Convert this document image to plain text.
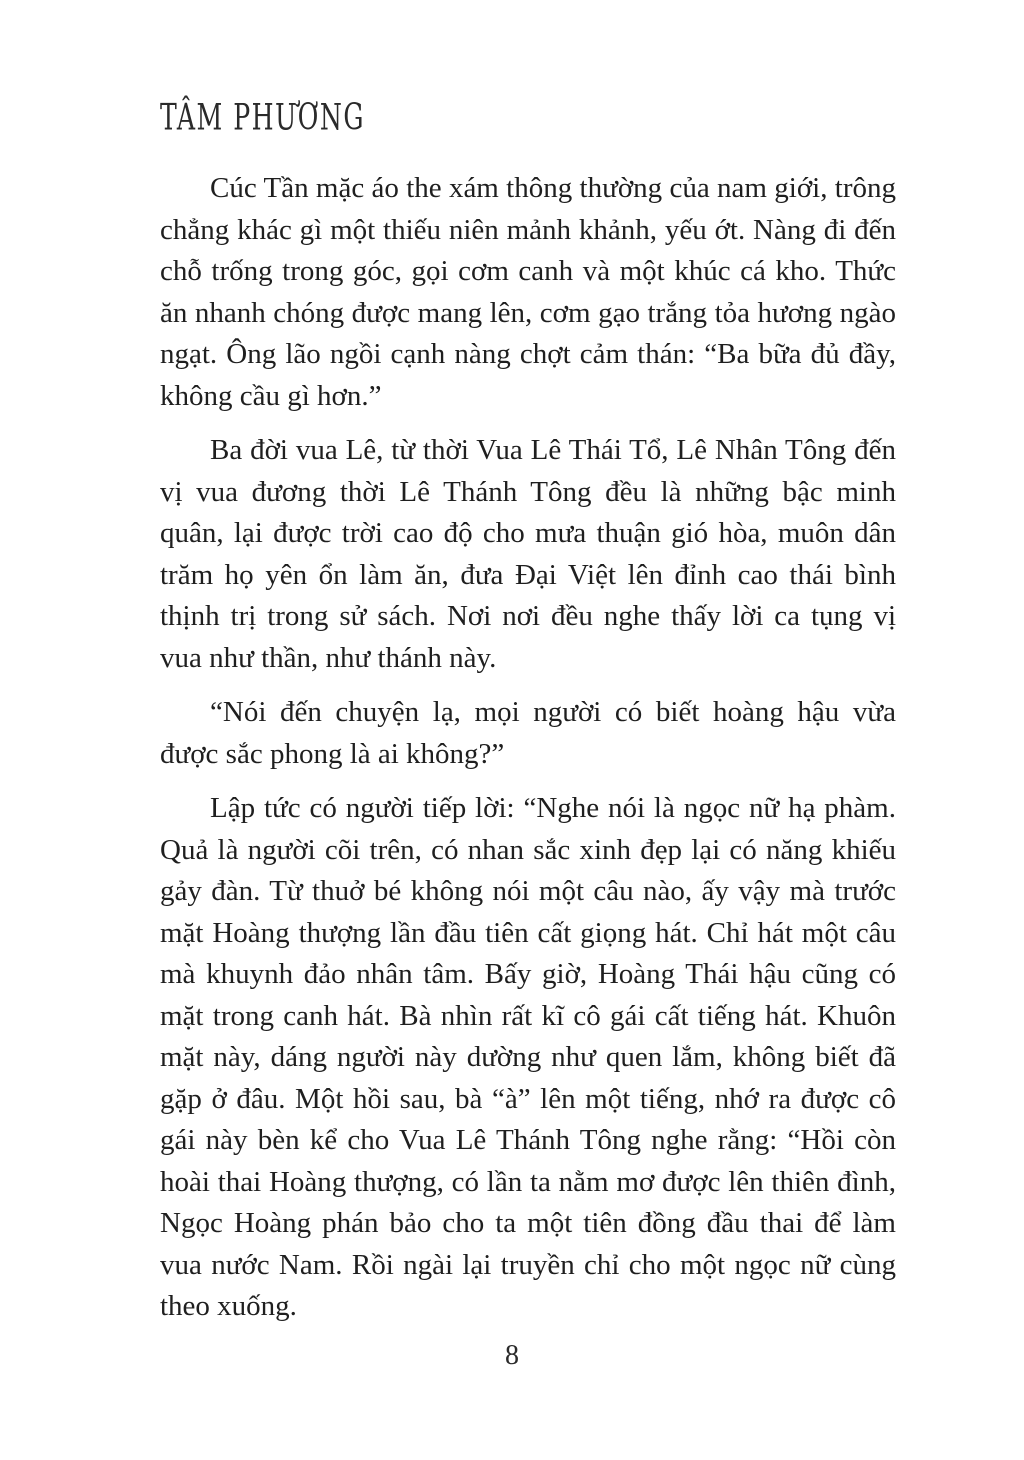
TÂM PHƯƠNG

Cúc Tần mặc áo the xám thông thường của nam giới, trông chẳng khác gì một thiếu niên mảnh khảnh, yếu ớt. Nàng đi đến chỗ trống trong góc, gọi cơm canh và một khúc cá kho. Thức ăn nhanh chóng được mang lên, cơm gạo trắng tỏa hương ngào ngạt. Ông lão ngồi cạnh nàng chợt cảm thán: “Ba bữa đủ đầy, không cầu gì hơn.”

Ba đời vua Lê, từ thời Vua Lê Thái Tổ, Lê Nhân Tông đến vị vua đương thời Lê Thánh Tông đều là những bậc minh quân, lại được trời cao độ cho mưa thuận gió hòa, muôn dân trăm họ yên ổn làm ăn, đưa Đại Việt lên đỉnh cao thái bình thịnh trị trong sử sách. Nơi nơi đều nghe thấy lời ca tụng vị vua như thần, như thánh này.

“Nói đến chuyện lạ, mọi người có biết hoàng hậu vừa được sắc phong là ai không?”

Lập tức có người tiếp lời: “Nghe nói là ngọc nữ hạ phàm. Quả là người cõi trên, có nhan sắc xinh đẹp lại có năng khiếu gảy đàn. Từ thuở bé không nói một câu nào, ấy vậy mà trước mặt Hoàng thượng lần đầu tiên cất giọng hát. Chỉ hát một câu mà khuynh đảo nhân tâm. Bấy giờ, Hoàng Thái hậu cũng có mặt trong canh hát. Bà nhìn rất kĩ cô gái cất tiếng hát. Khuôn mặt này, dáng người này dường như quen lắm, không biết đã gặp ở đâu. Một hồi sau, bà “à” lên một tiếng, nhớ ra được cô gái này bèn kể cho Vua Lê Thánh Tông nghe rằng: “Hồi còn hoài thai Hoàng thượng, có lần ta nằm mơ được lên thiên đình, Ngọc Hoàng phán bảo cho ta một tiên đồng đầu thai để làm vua nước Nam. Rồi ngài lại truyền chỉ cho một ngọc nữ cùng theo xuống.

8
